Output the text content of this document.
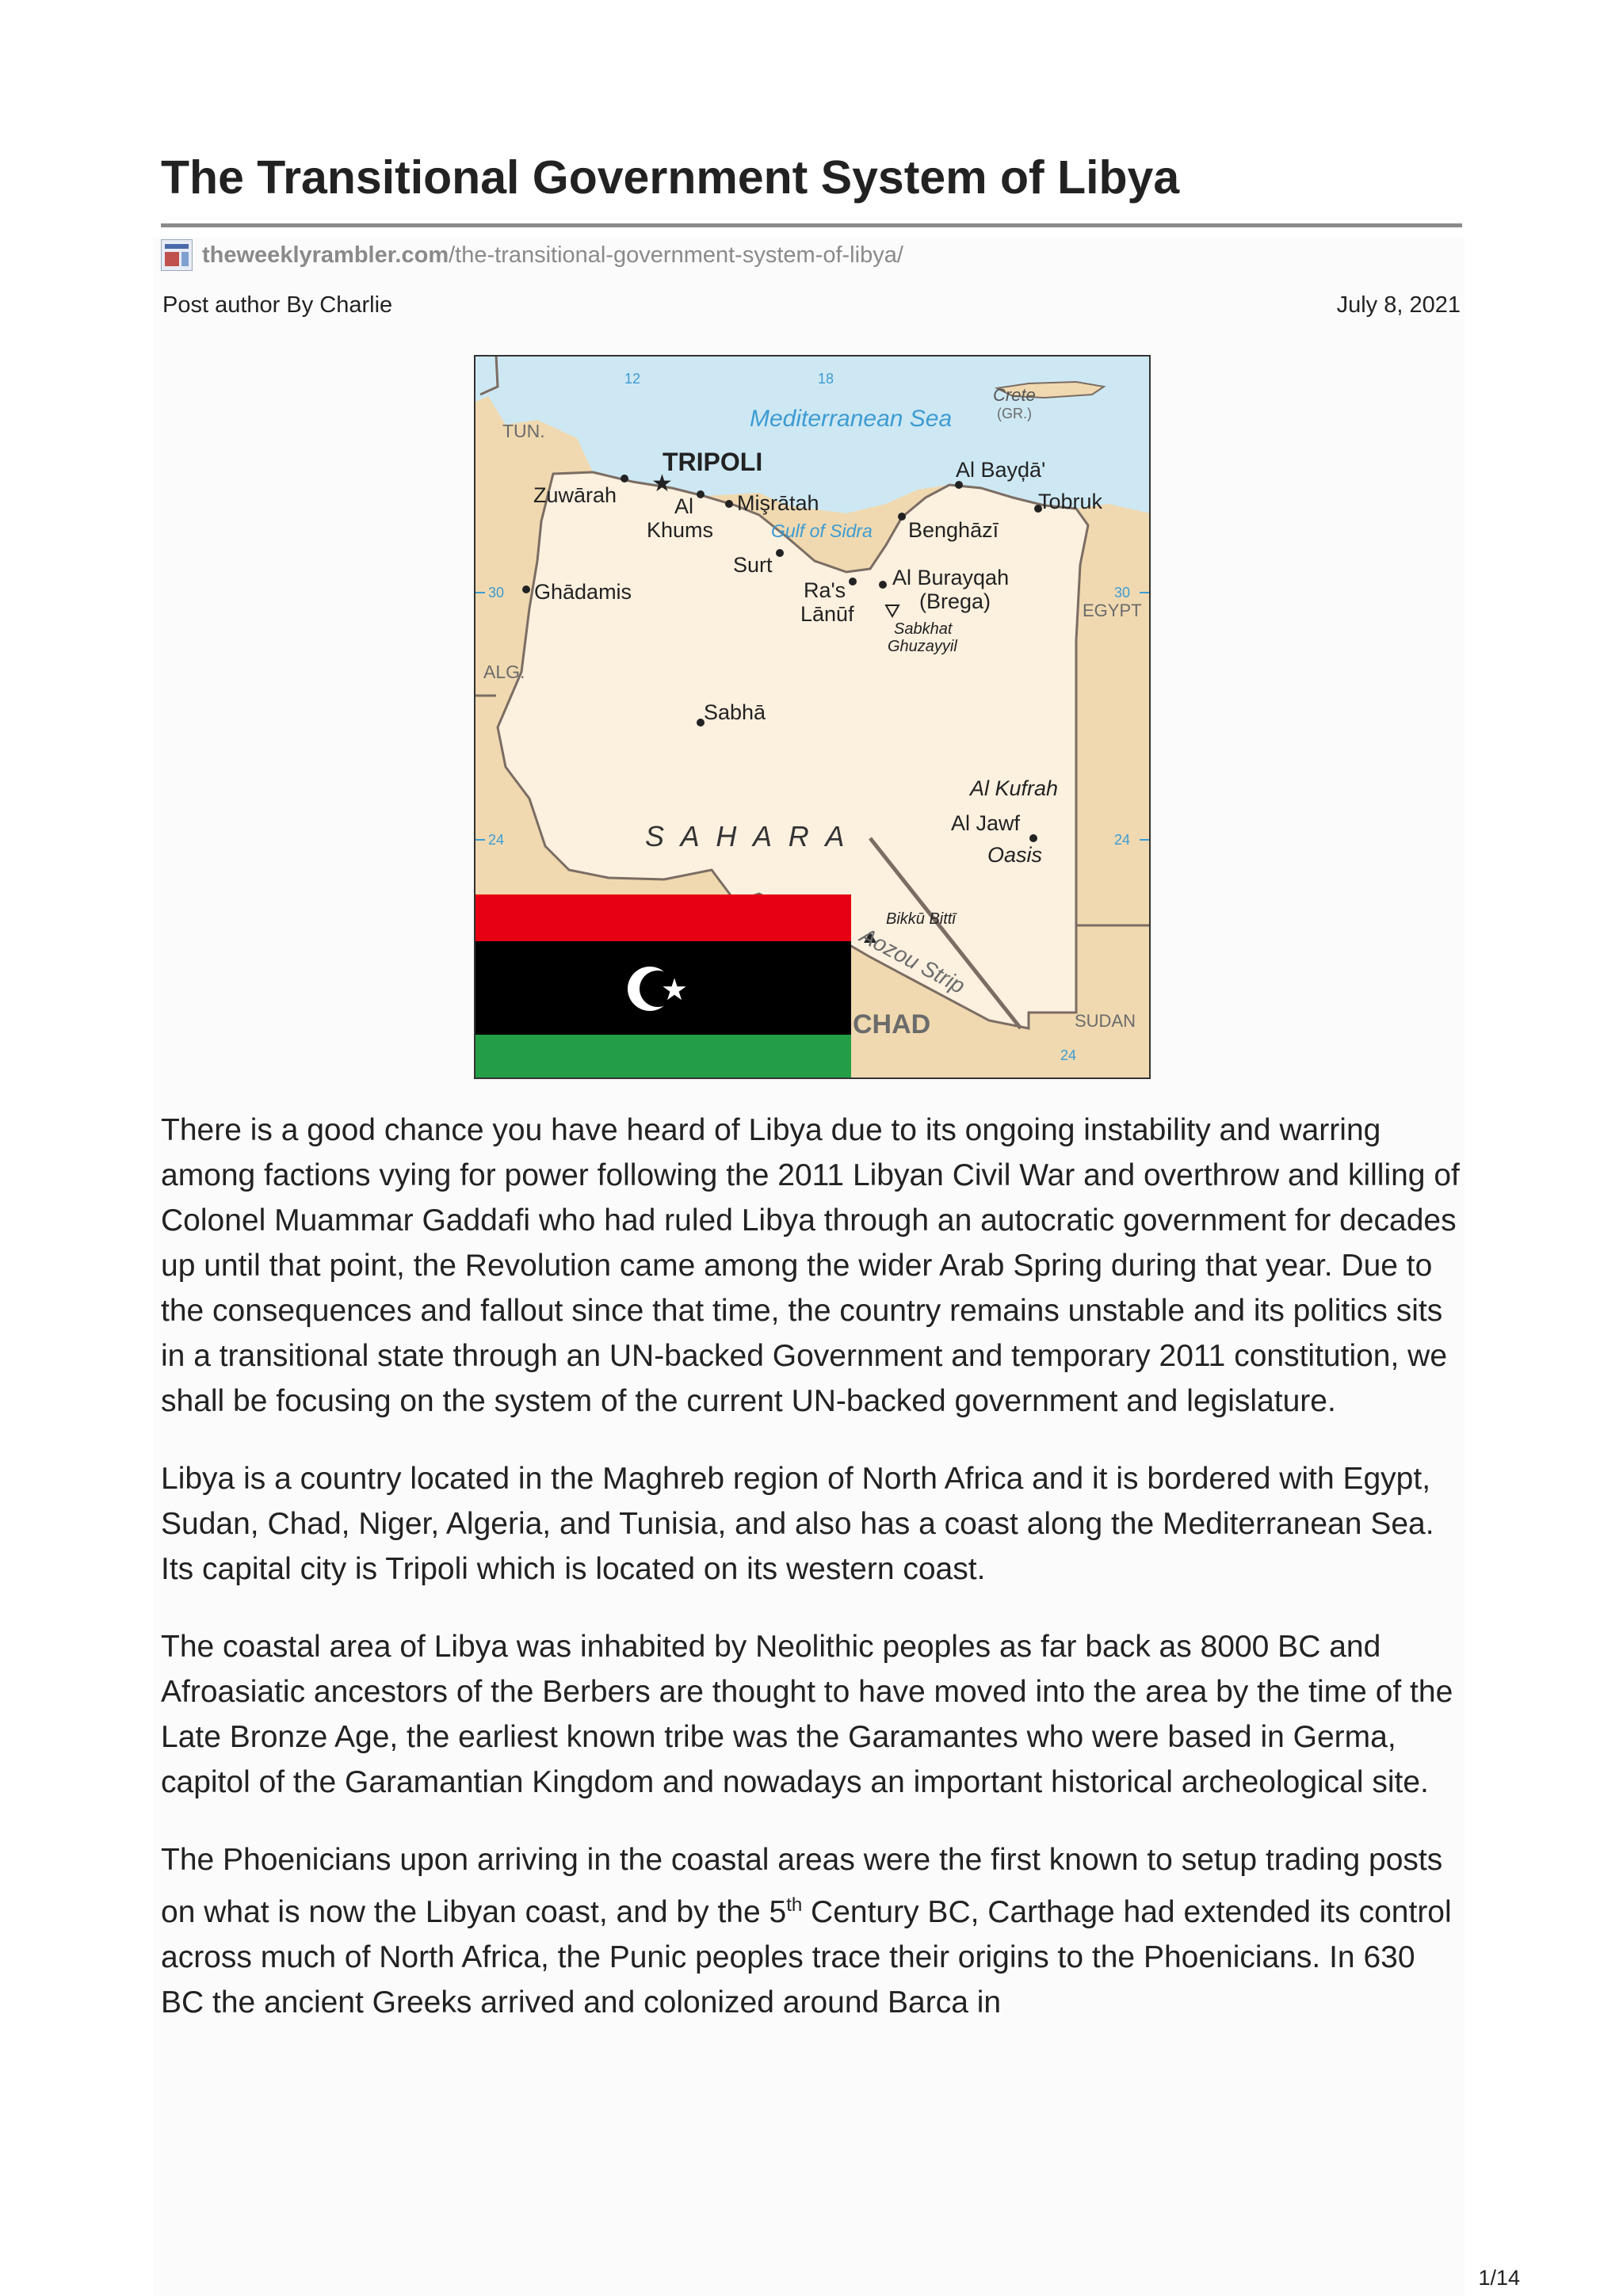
The Transitional Government System of Libya
theweeklyrambler.com /the-transitional-government-system-of-libya/
Post author By Charlie	July 8, 2021
12	18
24
30	30
24	24
Mediterranean Sea
Gulf of Sidra
TUN.
ALG.
EGYPT
SUDAN
CHAD
Crete
(GR.)
TRIPOLI
★
Zuwārah	Al
Khums
Mişrātah
Surt
Ra's
Lānūf
Benghāzī
Al Bayḑā'
Tobruk
Al Burayqah
(Brega)
Ghādamis
Sabhā
Al Kufrah
Al Jawf
Oasis
Sabkhat
Ghuzayyil
Bikkū Bittī
Aozou Strip
S A H A R A
★

There is a good chance you have heard of Libya due to its ongoing instability and warring among factions vying for power following the 2011 Libyan Civil War and overthrow and killing of Colonel Muammar Gaddafi who had ruled Libya through an autocratic government for decades up until that point, the Revolution came among the wider Arab Spring during that year. Due to the consequences and fallout since that time, the country remains unstable and its politics sits in a transitional state through an UN-backed Government and temporary 2011 constitution, we shall be focusing on the system of the current UN-backed government and legislature.

Libya is a country located in the Maghreb region of North Africa and it is bordered with Egypt, Sudan, Chad, Niger, Algeria, and Tunisia, and also has a coast along the Mediterranean Sea. Its capital city is Tripoli which is located on its western coast.

The coastal area of Libya was inhabited by Neolithic peoples as far back as 8000 BC and Afroasiatic ancestors of the Berbers are thought to have moved into the area by the time of the Late Bronze Age, the earliest known tribe was the Garamantes who were based in Germa, capitol of the Garamantian Kingdom and nowadays an important historical archeological site.

The Phoenicians upon arriving in the coastal areas were the first known to setup trading posts on what is now the Libyan coast, and by the 5th Century BC, Carthage had extended its control across much of North Africa, the Punic peoples trace their origins to the Phoenicians. In 630 BC the ancient Greeks arrived and colonized around Barca in

1/14
